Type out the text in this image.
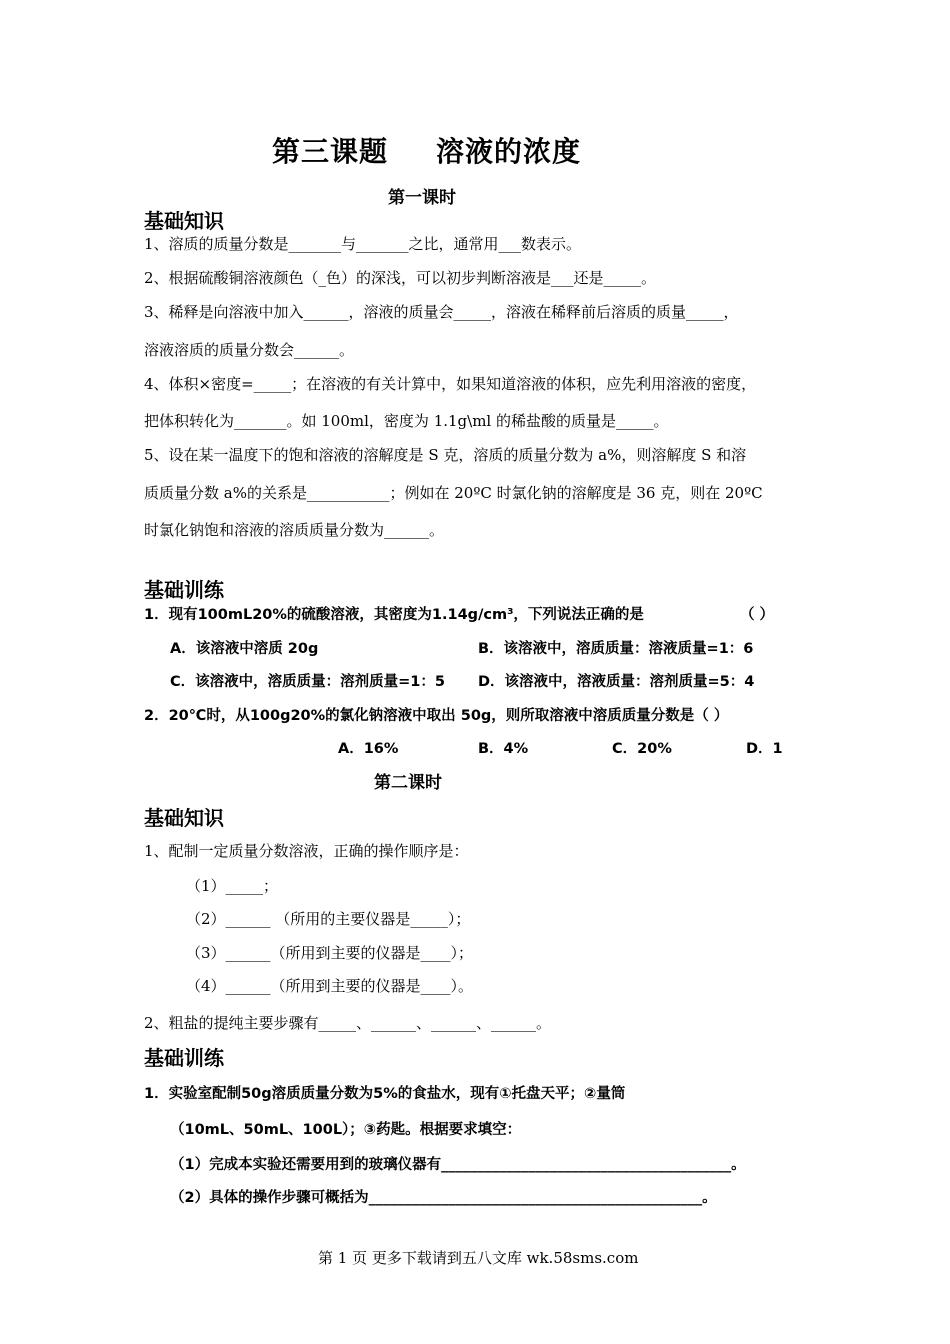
第三课题 溶液的浓度
第一课时
基础知识
1、溶质的质量分数是_______与_______之比，通常用___数表示。
2、根据硫酸铜溶液颜色（_色）的深浅，可以初步判断溶液是___还是_____。
3、稀释是向溶液中加入______，溶液的质量会_____，溶液在稀释前后溶质的质量_____，
溶液溶质的质量分数会______。
4、体积×密度=_____；在溶液的有关计算中，如果知道溶液的体积，应先利用溶液的密度，
把体积转化为_______。如 100ml，密度为 1.1g\ml 的稀盐酸的质量是_____。
5、设在某一温度下的饱和溶液的溶解度是 S 克，溶质的质量分数为 a%，则溶解度 S 和溶
质质量分数 a%的关系是___________；例如在 20ºC 时氯化钠的溶解度是 36 克，则在 20ºC
时氯化钠饱和溶液的溶质质量分数为______。
基础训练
1．现有100mL20%的硫酸溶液，其密度为1.14g/cm³，下列说法正确的是	（ ）
A．该溶液中溶质 20g	B．该溶液中，溶质质量：溶液质量=1：6
C．该溶液中，溶质质量：溶剂质量=1：5 D．该溶液中，溶液质量：溶剂质量=5：4
2．20℃时，从100g20%的氯化钠溶液中取出 50g，则所取溶液中溶质质量分数是（ ）
A．16%	B．4%	C．20%	D．1
第二课时
基础知识
1、配制一定质量分数溶液，正确的操作顺序是：
（1）_____；
（2）______ （所用的主要仪器是_____）；
（3）______（所用到主要的仪器是____）；
（4）______（所用到主要的仪器是____）。
2、粗盐的提纯主要步骤有_____、______、______、______。
基础训练
1．实验室配制50g溶质质量分数为5%的食盐水，现有①托盘天平；②量筒
（10mL、50mL、100L）；③药匙。根据要求填空：
（1）完成本实验还需要用到的玻璃仪器有________________________________________。
（2）具体的操作步骤可概括为______________________________________________。
第 1 页 更多下载请到五八文库 wk.58sms.com
